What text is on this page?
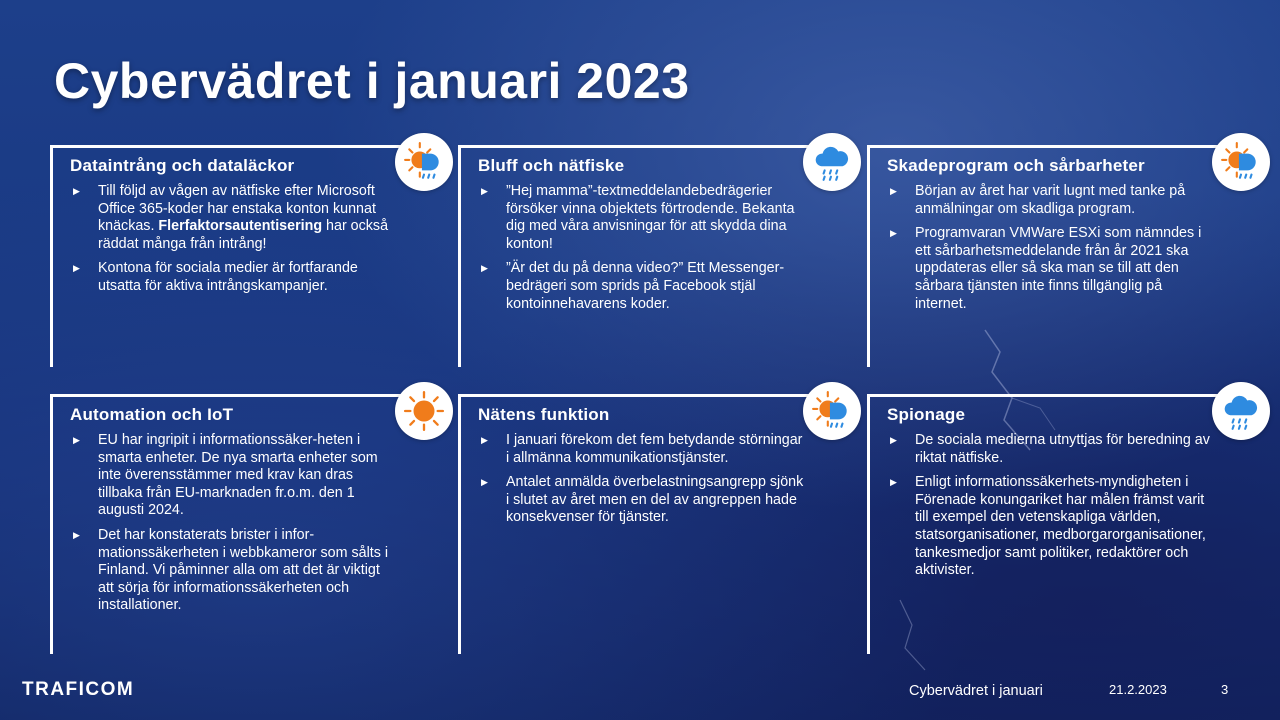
Cybervädret i januari 2023
Dataintrång och dataläckor
▶ Till följd av vågen av nätfiske efter Microsoft Office 365-koder har enstaka konton kunnat knäckas. Flerfaktorsautentisering har också räddat många från intrång!
▶ Kontona för sociala medier är fortfarande utsatta för aktiva intrångskampanjer.
Bluff och nätfiske
▶ ”Hej mamma”-textmeddelandebedrägerier försöker vinna objektets förtrodende. Bekanta dig med våra anvisningar för att skydda dina konton!
▶ ”Är det du på denna video?” Ett Messenger-bedrägeri som sprids på Facebook stjäl kontoinnehavarens koder.
Skadeprogram och sårbarheter
▶ Början av året har varit lugnt med tanke på anmälningar om skadliga program.
▶ Programvaran VMWare ESXi som nämndes i ett sårbarhetsmeddelande från år 2021 ska uppdateras eller så ska man se till att den sårbara tjänsten inte finns tillgänglig på internet.
Automation och IoT
▶ EU har ingripit i informationssäker-heten i smarta enheter. De nya smarta enheter som inte överensstämmer med krav kan dras tillbaka från EU-marknaden fr.o.m. den 1 augusti 2024.
▶ Det har konstaterats brister i infor-mationssäkerheten i webbkameror som sålts i Finland. Vi påminner alla om att det är viktigt att sörja för informationssäkerheten och installationer.
Nätens funktion
▶ I januari förekom det fem betydande störningar i allmänna kommunikationstjänster.
▶ Antalet anmälda överbelastningsangrepp sjönk i slutet av året men en del av angreppen hade konsekvenser för tjänster.
Spionage
▶ De sociala medierna utnyttjas för beredning av riktat nätfiske.
▶ Enligt informationssäkerhets-myndigheten i Förenade konungariket har målen främst varit till exempel den vetenskapliga världen, statsorganisationer, medborgarorganisationer, tankesmedjor samt politiker, redaktörer och aktivister.
TRAFICOM	Cybervädret i januari	21.2.2023	3
